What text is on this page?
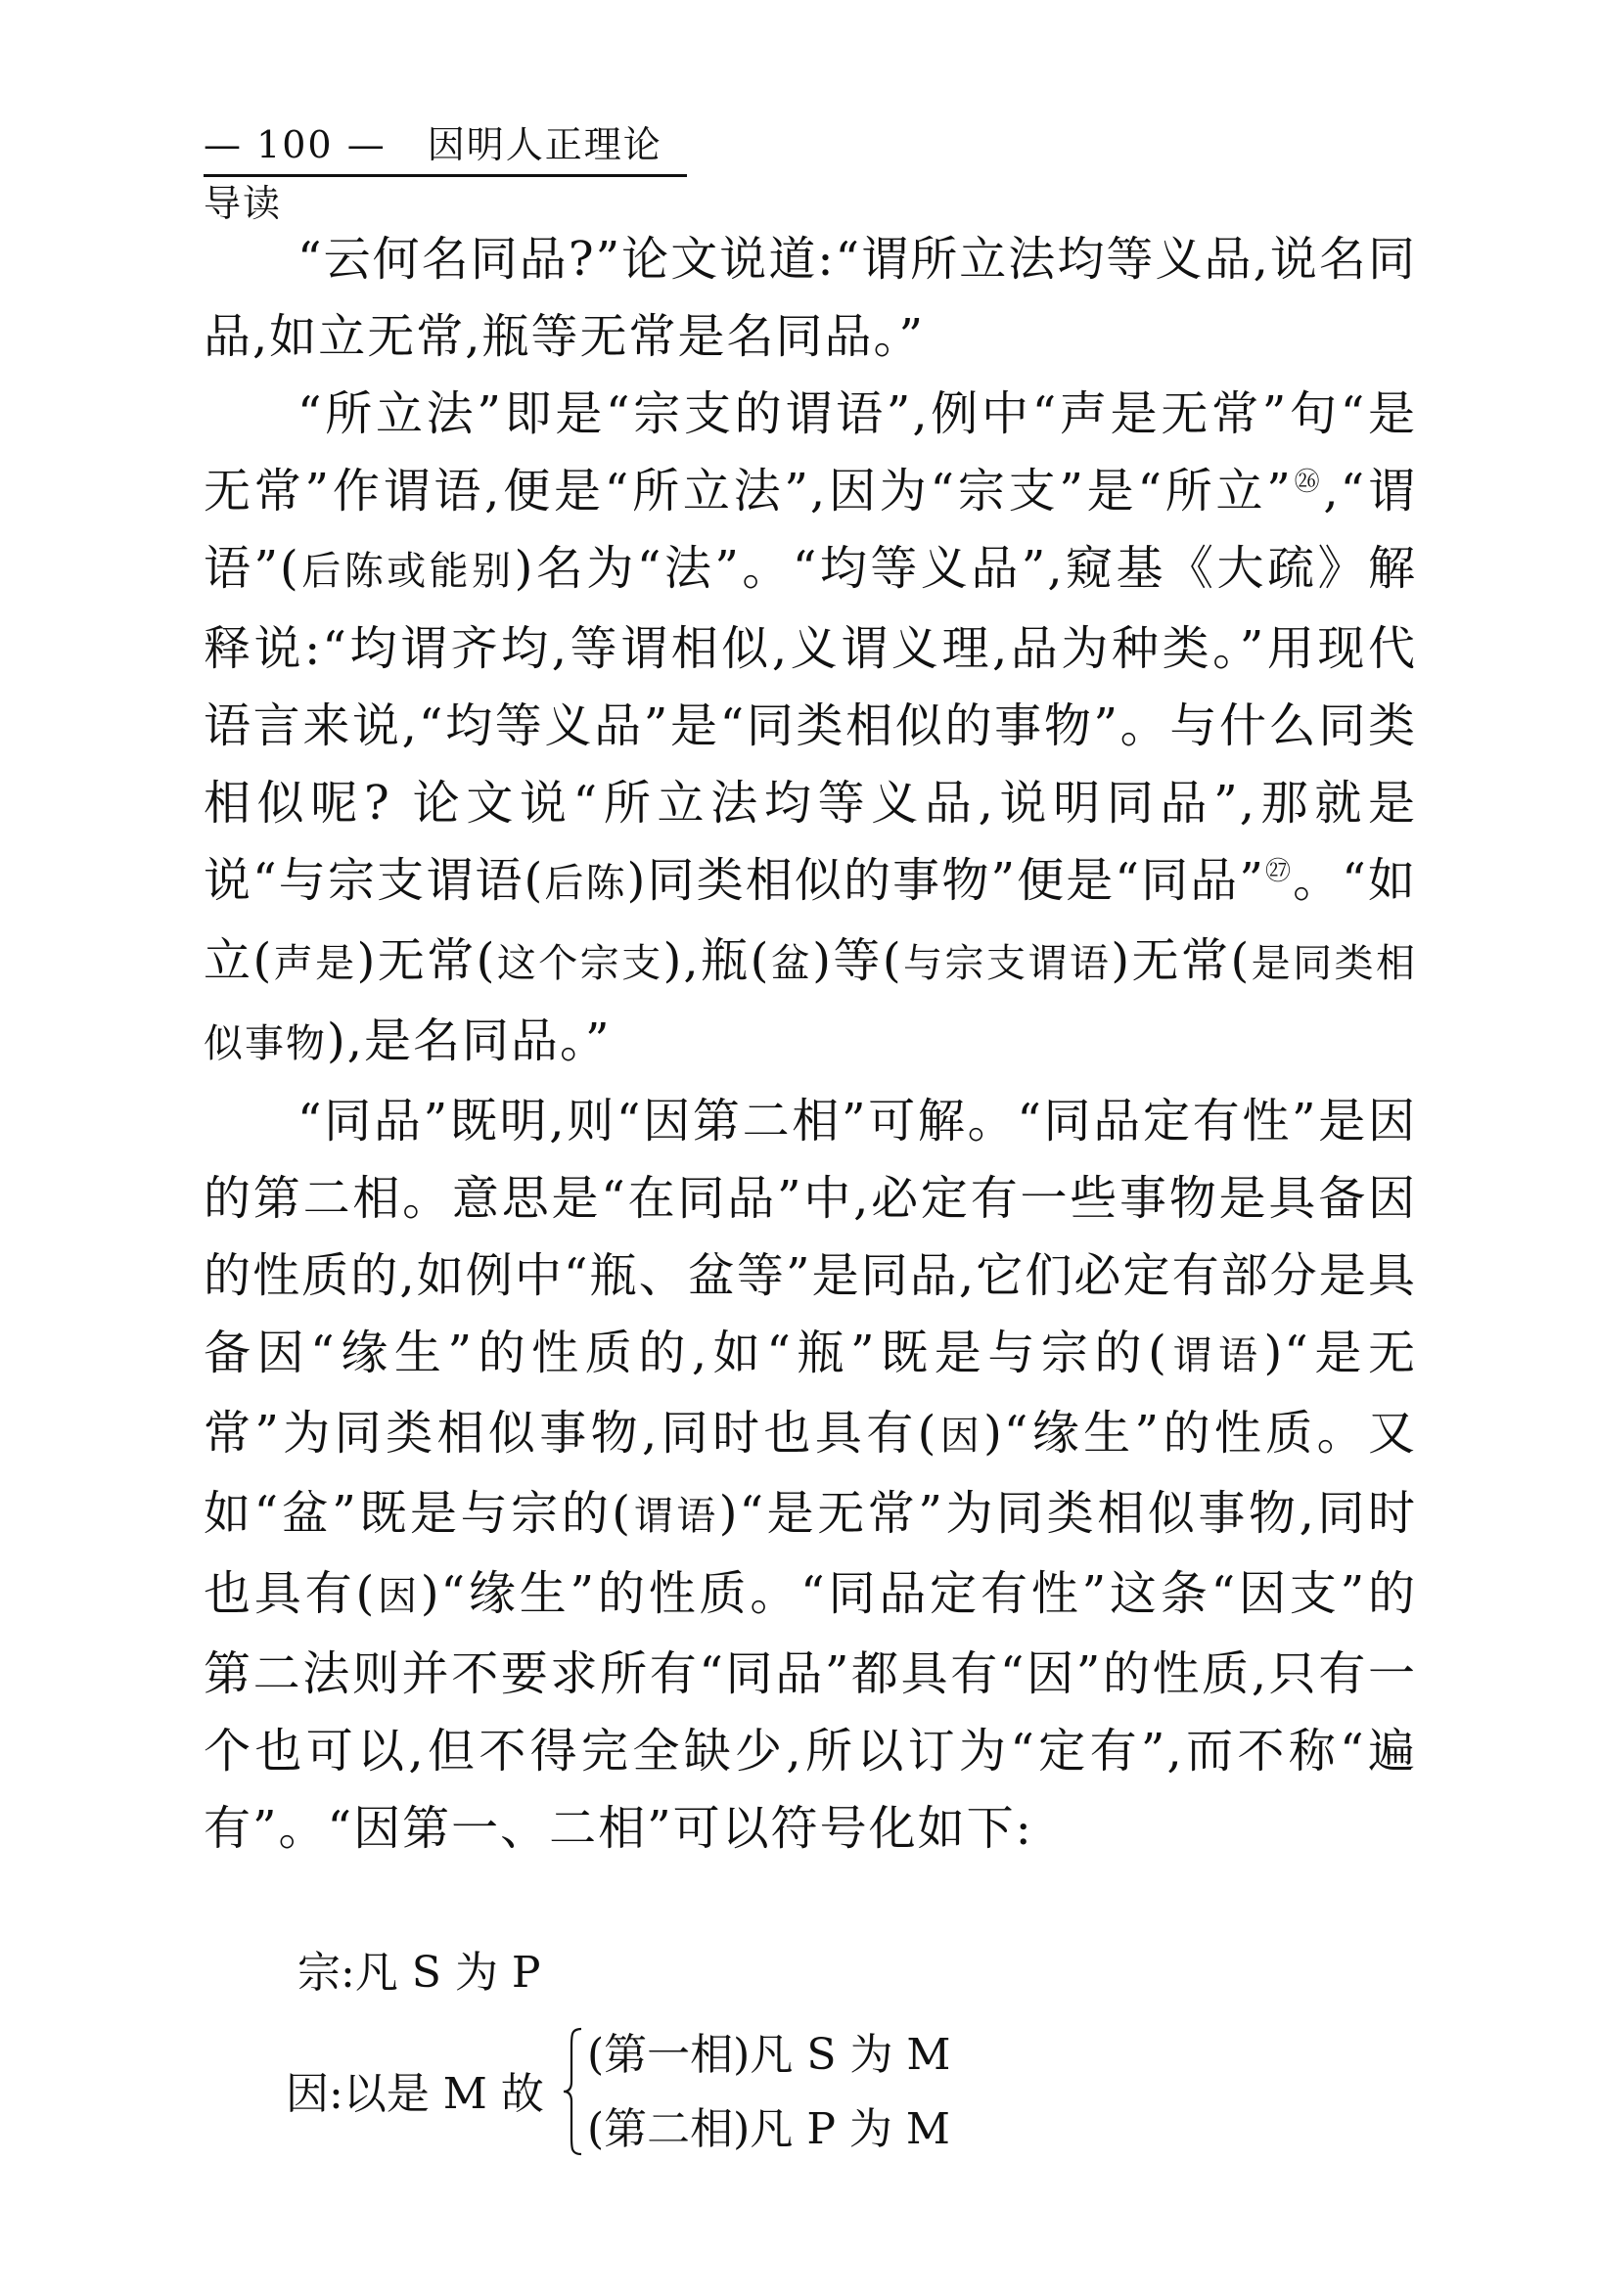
— 100 — 因明人正理论导读

“云何名同品?”论文说道:“谓所立法均等义品,说名同品,如立无常,瓶等无常是名同品。”

“所立法”即是“宗支的谓语”,例中“声是无常”句“是无常”作谓语,便是“所立法”,因为“宗支”是“所立”$^㉖$,“谓语”(后陈或能别)名为“法”。“均等义品”,窥基《大疏》解释说:“均谓齐均,等谓相似,义谓义理,品为种类。”用现代语言来说,“均等义品”是“同类相似的事物”。与什么同类相似呢? 论文说“所立法均等义品,说明同品”,那就是说“与宗支谓语(后陈)同类相似的事物”便是“同品”$^㉗$。“如立(声是)无常(这个宗支),瓶(盆)等(与宗支谓语)无常(是同类相似事物),是名同品。”

“同品”既明,则“因第二相”可解。“同品定有性”是因的第二相。意思是“在同品”中,必定有一些事物是具备因的性质的,如例中“瓶、盆等”是同品,它们必定有部分是具备因“缘生”的性质的,如“瓶”既是与宗的(谓语)“是无常”为同类相似事物,同时也具有(因)“缘生”的性质。又如“盆”既是与宗的(谓语)“是无常”为同类相似事物,同时也具有(因)“缘生”的性质。“同品定有性”这条“因支”的第二法则并不要求所有“同品”都具有“因”的性质,只有一个也可以,但不得完全缺少,所以订为“定有”,而不称“遍有”。“因第一、二相”可以符号化如下:

宗:凡 S 为 P
因:以是 M 故
(第一相)凡 S 为 M
(第二相)凡 P 为 M
